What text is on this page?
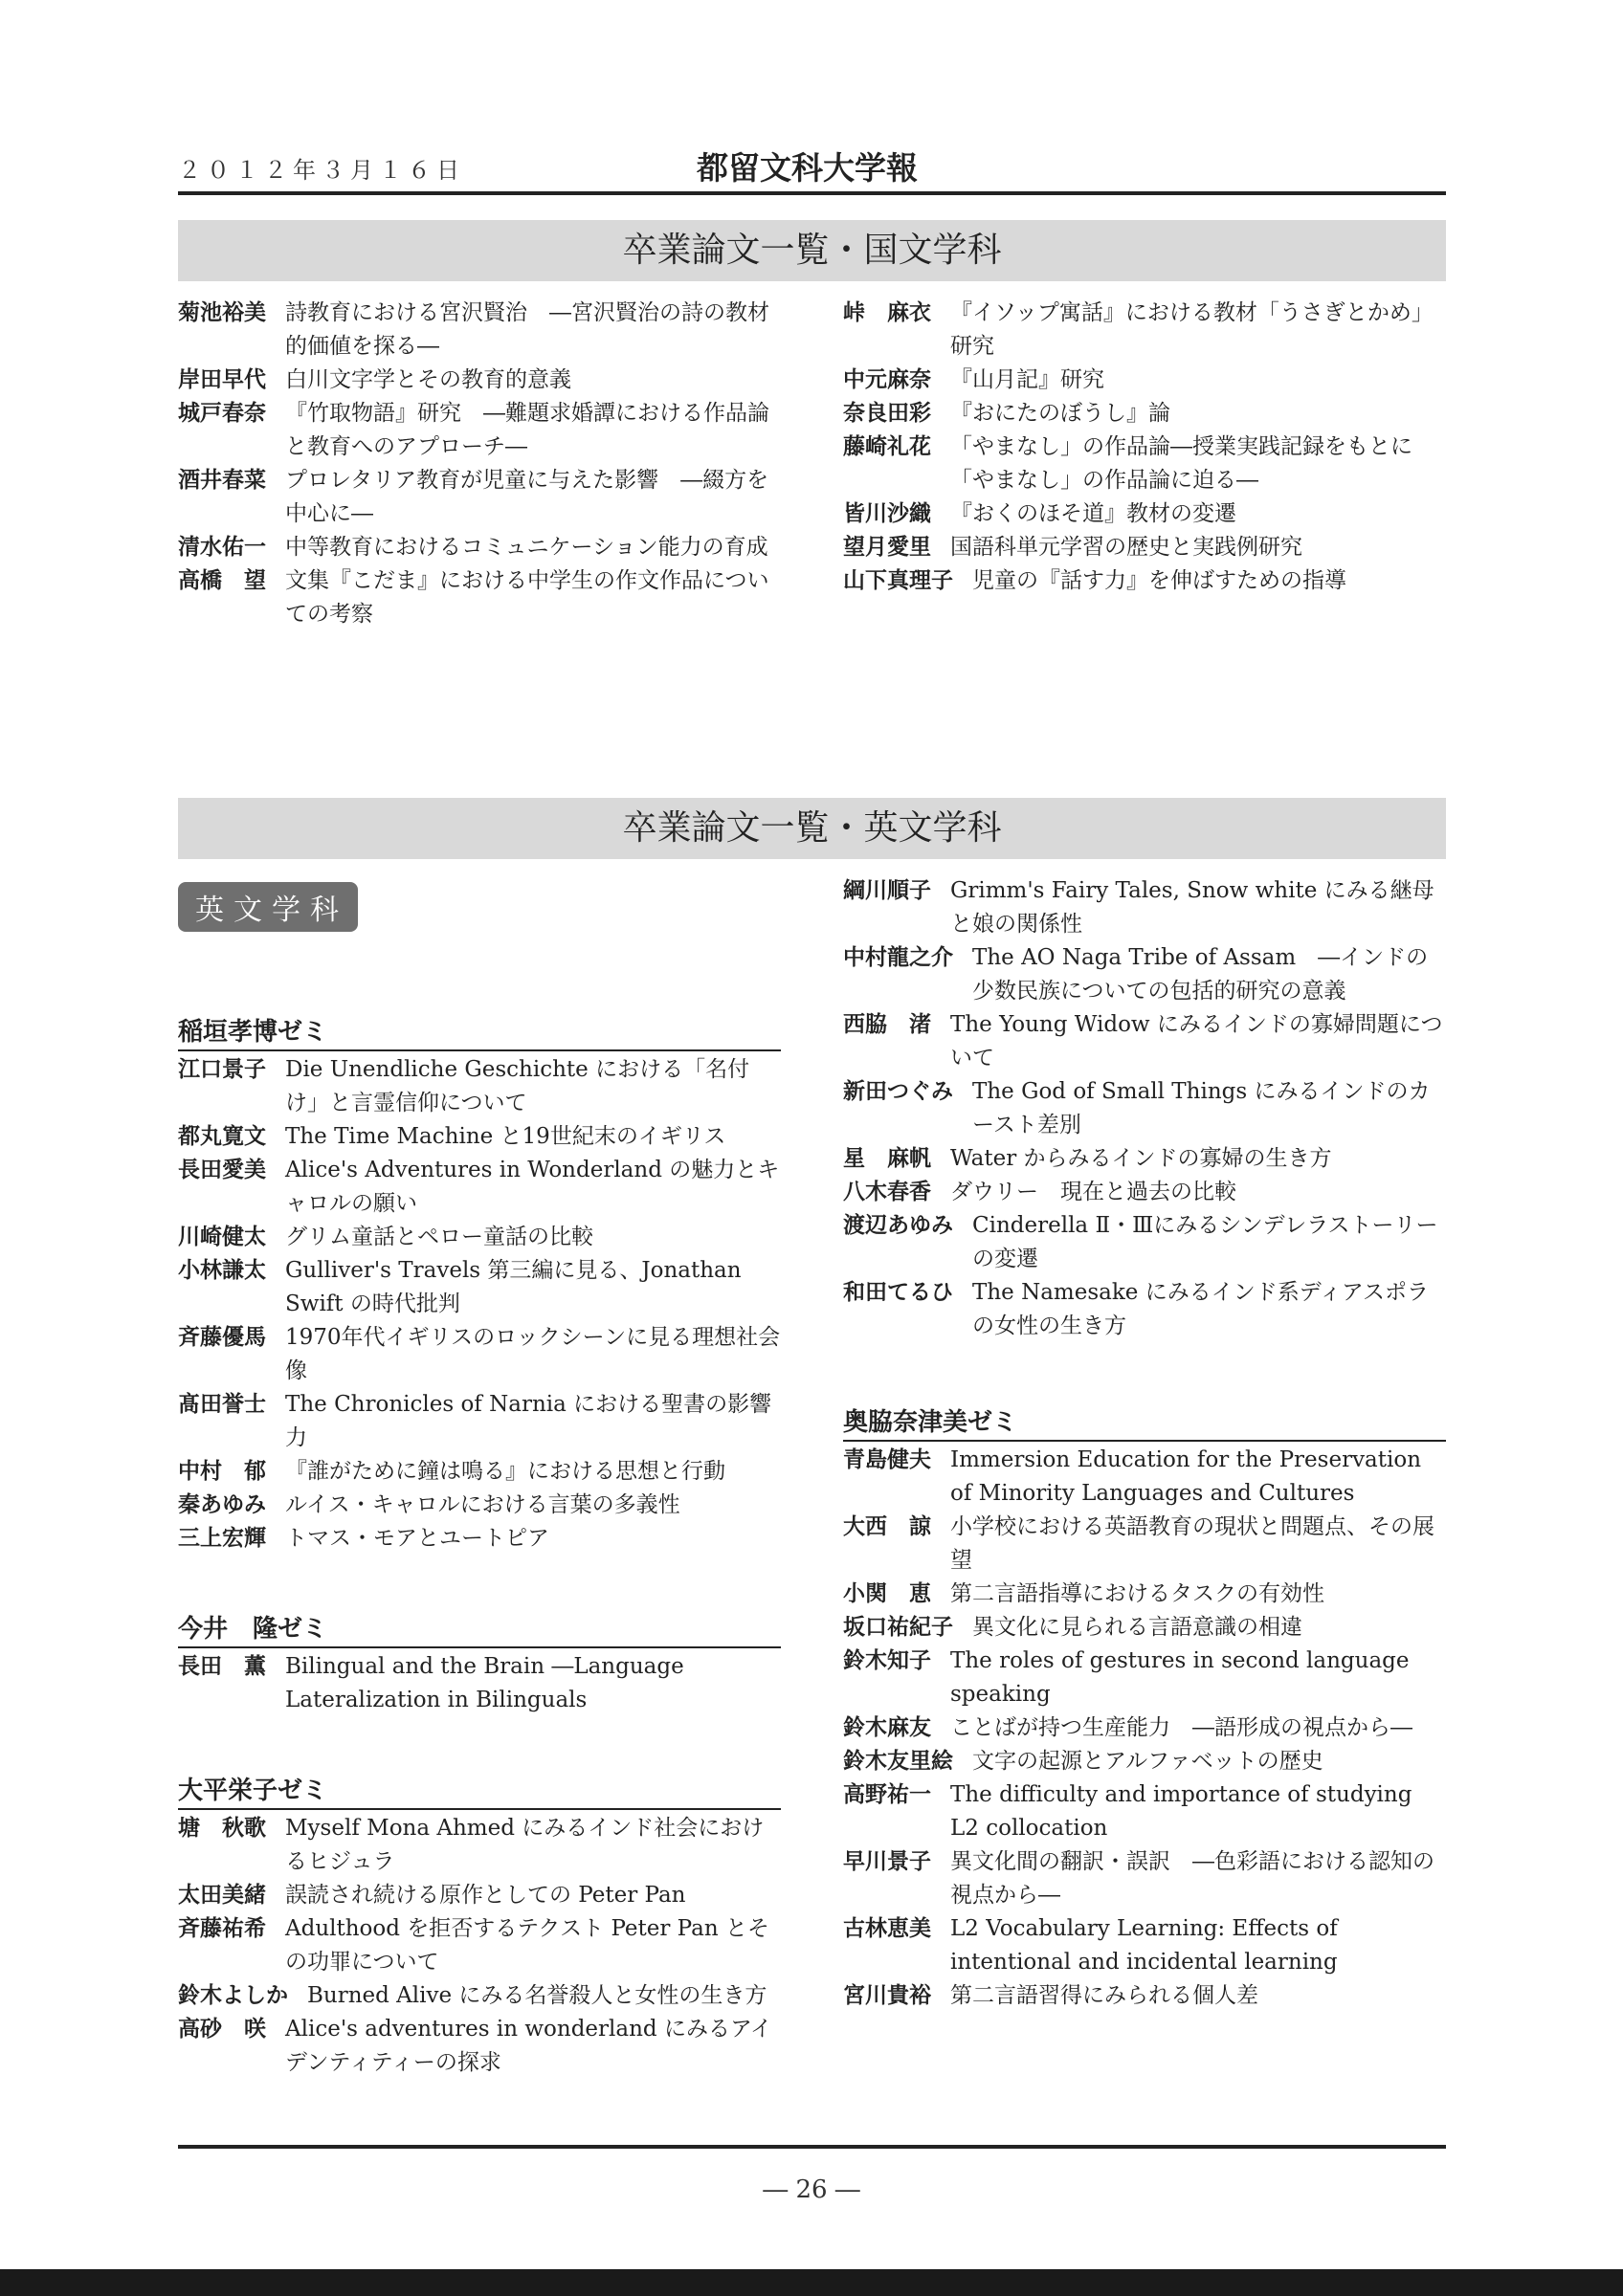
２０１２年３月１６日	都留文科大学報
卒業論文一覧・国文学科
菊池裕美 詩教育における宮沢賢治　―宮沢賢治の詩の教材的価値を探る―
岸田早代 白川文字学とその教育的意義
城戸春奈 『竹取物語』研究　―難題求婚譚における作品論と教育へのアプローチ―
酒井春菜 プロレタリア教育が児童に与えた影響　―綴方を中心に―
清水佑一 中等教育におけるコミュニケーション能力の育成
高橋　望 文集『こだま』における中学生の作文作品についての考察
峠　麻衣 『イソップ寓話』における教材「うさぎとかめ」研究
中元麻奈 『山月記』研究
奈良田彩 『おにたのぼうし』論
藤崎礼花 「やまなし」の作品論―授業実践記録をもとに「やまなし」の作品論に迫る―
皆川沙織 『おくのほそ道』教材の変遷
望月愛里 国語科単元学習の歴史と実践例研究
山下真理子 児童の『話す力』を伸ばすための指導
卒業論文一覧・英文学科
英文学科
稲垣孝博ゼミ
江口景子 Die Unendliche Geschichte における「名付け」と言霊信仰について
都丸寛文 The Time Machine と19世紀末のイギリス
長田愛美 Alice's Adventures in Wonderland の魅力とキャロルの願い
川崎健太 グリム童話とペロー童話の比較
小林謙太 Gulliver's Travels 第三編に見る、Jonathan Swift の時代批判
斉藤優馬 1970年代イギリスのロックシーンに見る理想社会像
髙田誉士 The Chronicles of Narnia における聖書の影響力
中村　郁 『誰がために鐘は鳴る』における思想と行動
秦あゆみ ルイス・キャロルにおける言葉の多義性
三上宏輝 トマス・モアとユートピア
今井　隆ゼミ
長田　薫 Bilingual and the Brain ―Language Lateralization in Bilinguals
大平栄子ゼミ
塘　秋歌 Myself Mona Ahmed にみるインド社会におけるヒジュラ
太田美緒 誤読され続ける原作としての Peter Pan
斉藤祐希 Adulthood を拒否するテクスト Peter Pan とその功罪について
鈴木よしか Burned Alive にみる名誉殺人と女性の生き方
高砂　咲 Alice's adventures in wonderland にみるアイデンティティーの探求
綱川順子 Grimm's Fairy Tales, Snow white にみる継母と娘の関係性
中村龍之介 The AO Naga Tribe of Assam　―インドの少数民族についての包括的研究の意義
西脇　渚 The Young Widow にみるインドの寡婦問題について
新田つぐみ The God of Small Things にみるインドのカースト差別
星　麻帆 Water からみるインドの寡婦の生き方
八木春香 ダウリー　現在と過去の比較
渡辺あゆみ Cinderella Ⅱ・Ⅲにみるシンデレラストーリーの変遷
和田てるひ The Namesake にみるインド系ディアスポラの女性の生き方
奥脇奈津美ゼミ
青島健夫 Immersion Education for the Preservation of Minority Languages and Cultures
大西　諒 小学校における英語教育の現状と問題点、その展望
小関　恵 第二言語指導におけるタスクの有効性
坂口祐紀子 異文化に見られる言語意識の相違
鈴木知子 The roles of gestures in second language speaking
鈴木麻友 ことばが持つ生産能力　―語形成の視点から―
鈴木友里絵 文字の起源とアルファベットの歴史
高野祐一 The difficulty and importance of studying L2 collocation
早川景子 異文化間の翻訳・誤訳　―色彩語における認知の視点から―
古林恵美 L2 Vocabulary Learning: Effects of intentional and incidental learning
宮川貴裕 第二言語習得にみられる個人差
― 26 ―
